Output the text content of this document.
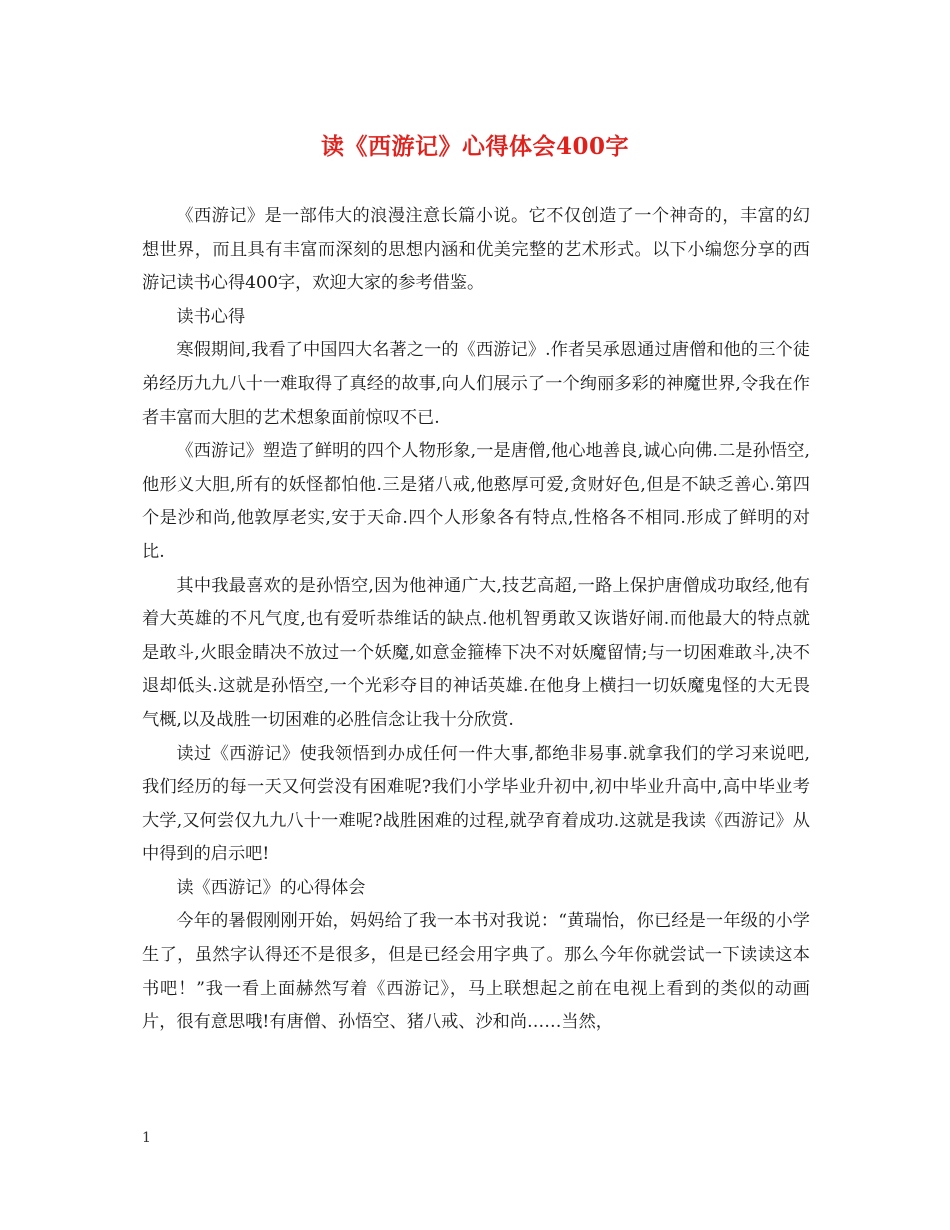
读《西游记》心得体会400字

《西游记》是一部伟大的浪漫注意长篇小说。它不仅创造了一个神奇的，丰富的幻想世界，而且具有丰富而深刻的思想内涵和优美完整的艺术形式。以下小编您分享的西游记读书心得400字，欢迎大家的参考借鉴。

读书心得

寒假期间,我看了中国四大名著之一的《西游记》.作者吴承恩通过唐僧和他的三个徒弟经历九九八十一难取得了真经的故事,向人们展示了一个绚丽多彩的神魔世界,令我在作者丰富而大胆的艺术想象面前惊叹不已.

《西游记》塑造了鲜明的四个人物形象,一是唐僧,他心地善良,诚心向佛.二是孙悟空,他形义大胆,所有的妖怪都怕他.三是猪八戒,他憨厚可爱,贪财好色,但是不缺乏善心.第四个是沙和尚,他敦厚老实,安于天命.四个人形象各有特点,性格各不相同.形成了鲜明的对比.

其中我最喜欢的是孙悟空,因为他神通广大,技艺高超,一路上保护唐僧成功取经,他有着大英雄的不凡气度,也有爱听恭维话的缺点.他机智勇敢又诙谐好闹.而他最大的特点就是敢斗,火眼金睛决不放过一个妖魔,如意金箍棒下决不对妖魔留情;与一切困难敢斗,决不退却低头.这就是孙悟空,一个光彩夺目的神话英雄.在他身上横扫一切妖魔鬼怪的大无畏气概,以及战胜一切困难的必胜信念让我十分欣赏.

读过《西游记》使我领悟到办成任何一件大事,都绝非易事.就拿我们的学习来说吧,我们经历的每一天又何尝没有困难呢?我们小学毕业升初中,初中毕业升高中,高中毕业考大学,又何尝仅九九八十一难呢?战胜困难的过程,就孕育着成功.这就是我读《西游记》从中得到的启示吧!

读《西游记》的心得体会

今年的暑假刚刚开始，妈妈给了我一本书对我说：“黄瑞怡，你已经是一年级的小学生了，虽然字认得还不是很多，但是已经会用字典了。那么今年你就尝试一下读读这本书吧！”我一看上面赫然写着《西游记》，马上联想起之前在电视上看到的类似的动画片，很有意思哦!有唐僧、孙悟空、猪八戒、沙和尚……当然，

1
